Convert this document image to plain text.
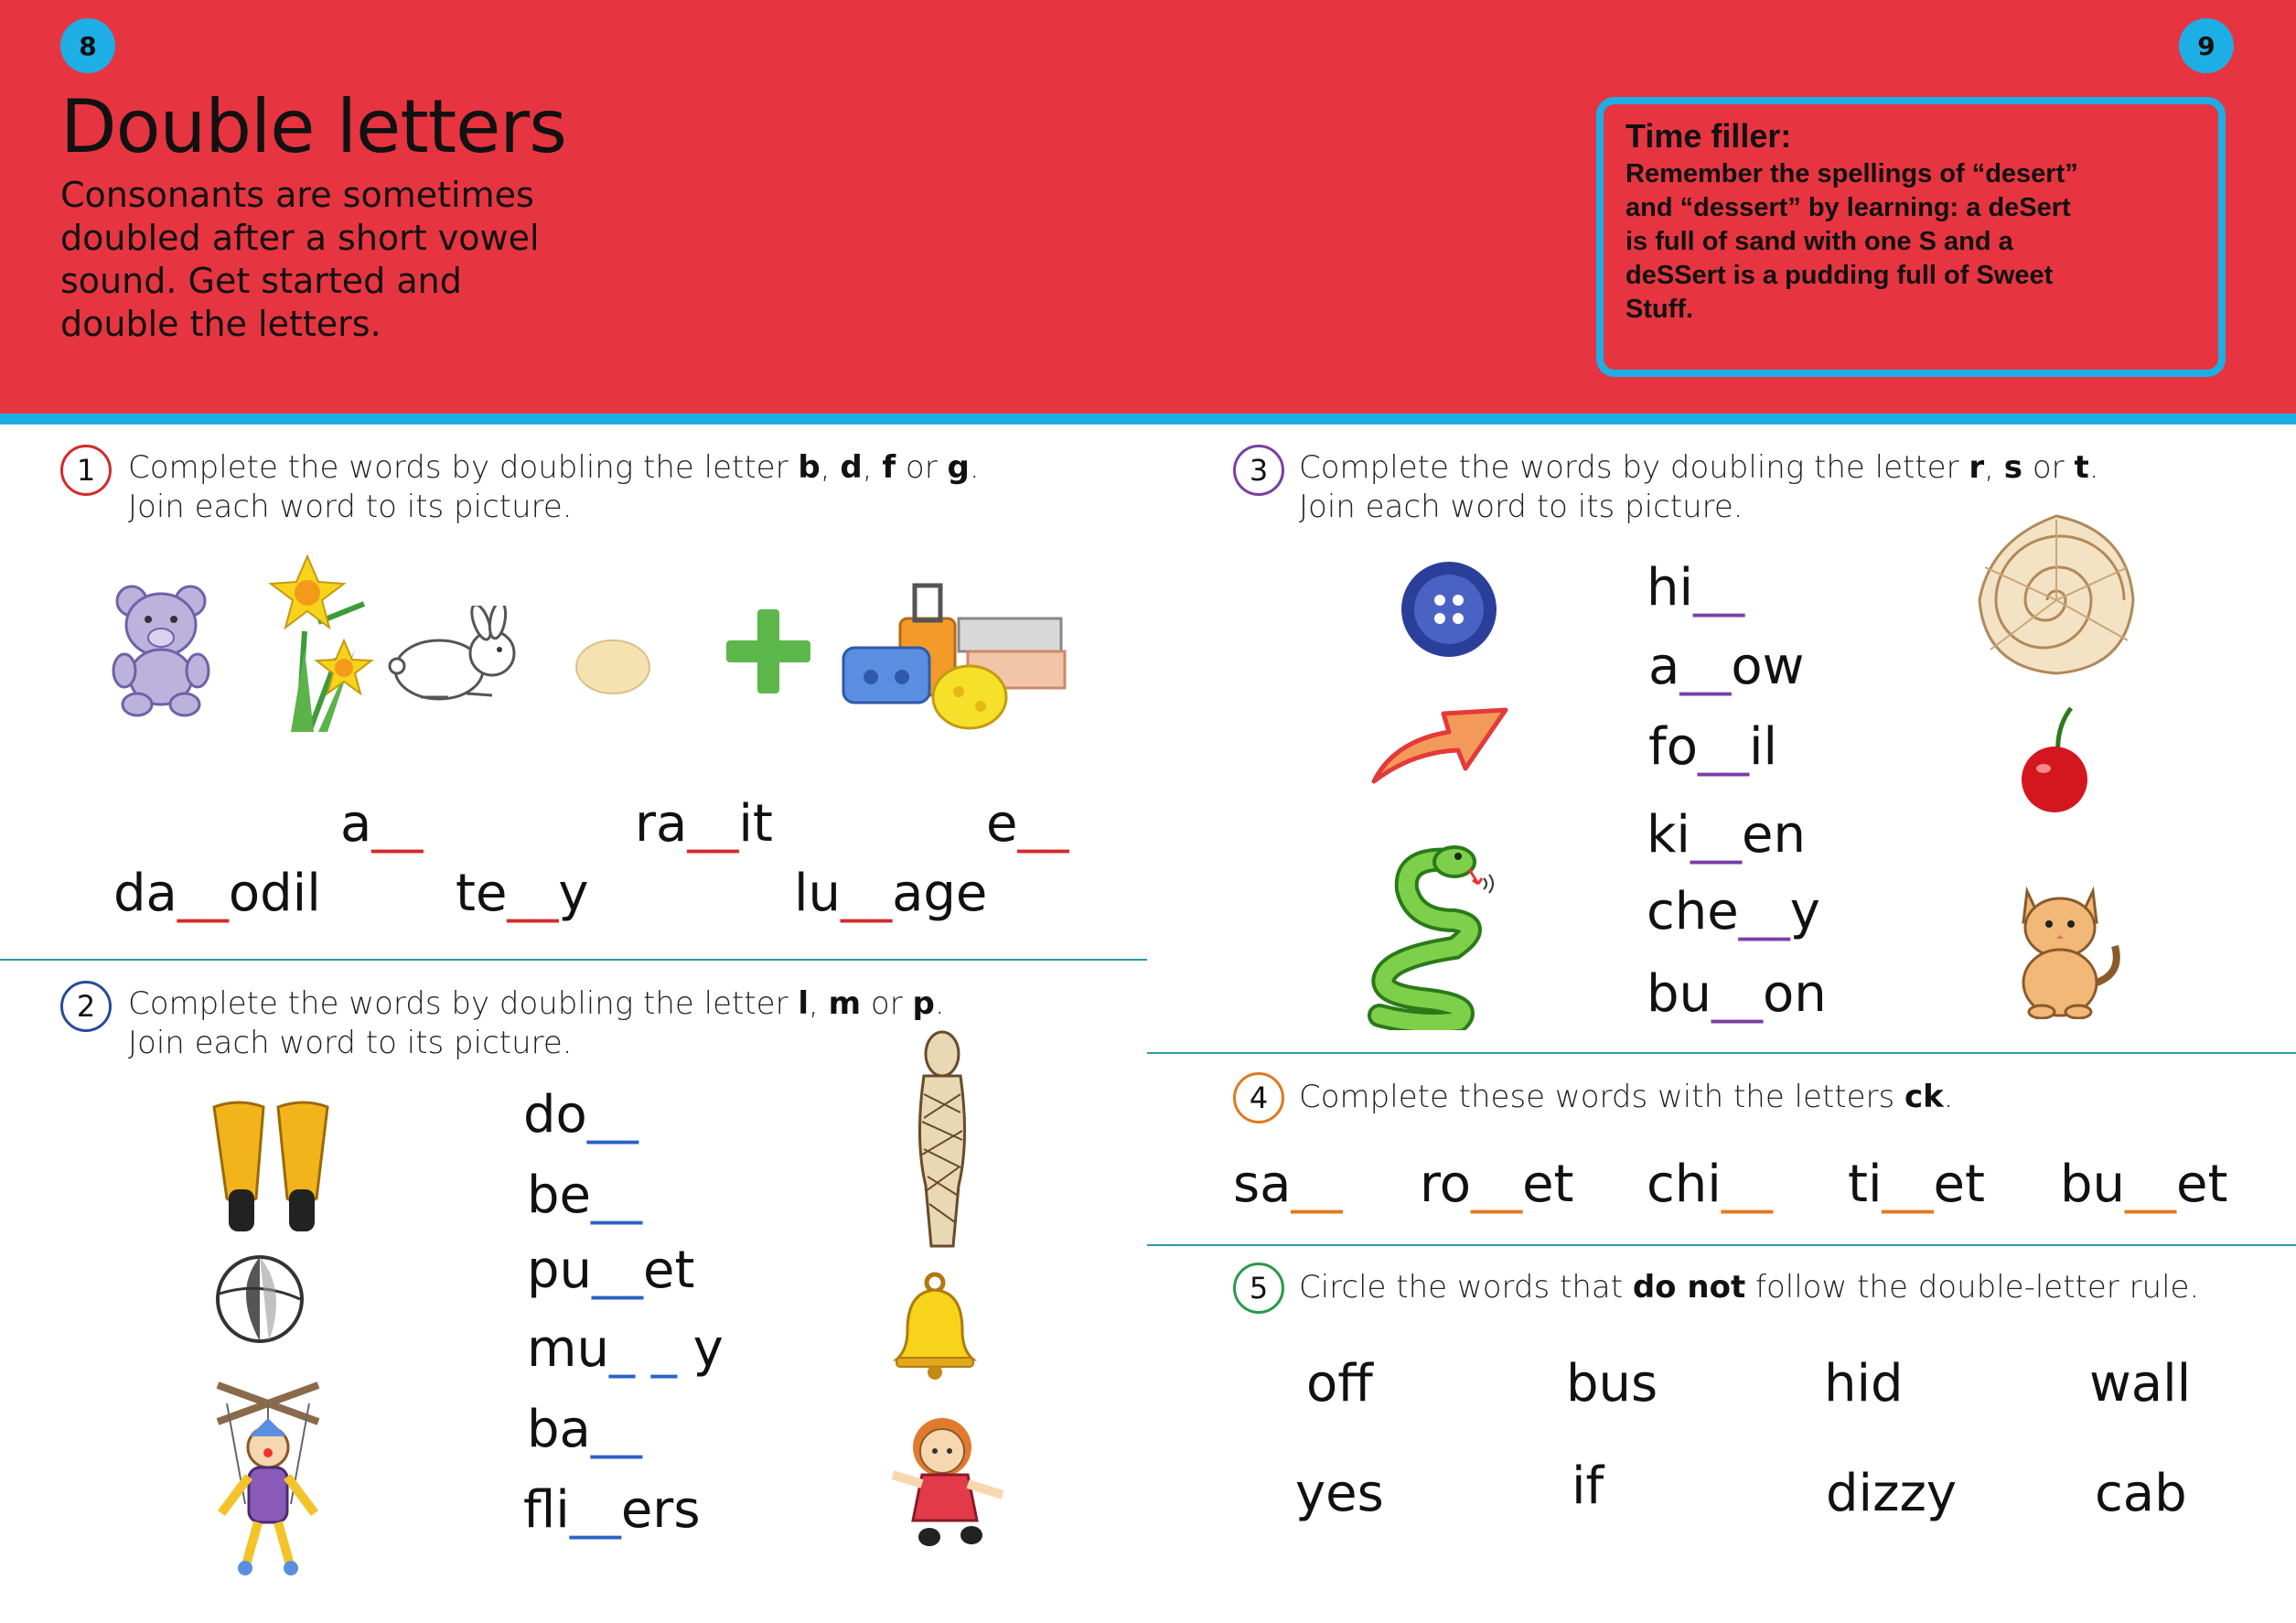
8	9
Double letters
Consonants are sometimes doubled after a short vowel sound. Get started and double the letters.
Time filler:
Remember the spellings of “desert” and “dessert” by learning: a deSert is full of sand with one S and a deSSert is a pudding full of Sweet Stuff.
1	Complete the words by doubling the letter b, d, f or g.
Join each word to its picture.
a__	ra__it	e__
da__odil	te__y	lu__age
2	Complete the words by doubling the letter l, m or p.
Join each word to its picture.
do__
be__
pu__et
mu_ _ y
ba__
fli__ers
3 Complete the words by doubling the letter r, s or t.
Join each word to its picture.
hi__
a__ow
fo__il
ki__en
che__y
bu__on
4 Complete these words with the letters ck.
sa__ ro__et chi__ ti__et bu__et
5 Circle the words that do not follow the double-letter rule.
off	bus	hid	wall
yes	if	dizzy	cab
